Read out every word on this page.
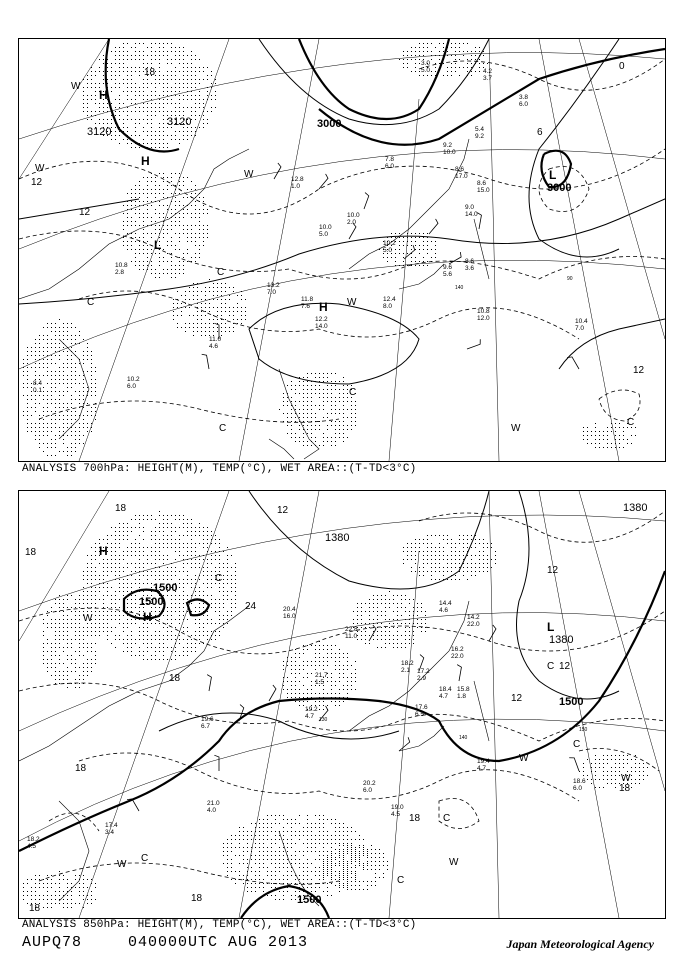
10.8
2.8
11.0
4.6
13.2
7.0
11.8
7.6
12.2
14.0
10.8
12.0	10.4
7.0
8.6
3.6
9.0
14.0
8.6
15.0
10.2
6.0
8.4
0.1
10.0
5.0
12.8
1.0
10.0
2.0
8.6
17.0
5.4
9.2
9.2
10.0
3.0
5.0	4.2
3.7
3.8
6.0
12.4
8.0
10.2
5.0
9.6
5.6
7.8
6.0
3000
3120
3120
3000
H
H
L
L
H
12
12
18
W
W
W
W
C
C
C
C	W
C
12
6
0
140
90
ANALYSIS 700hPa: HEIGHT(M), TEMP(°C), WET AREA::(T-TD<3°C)
18.2
4.5
17.4
3.4
19.6
6.7
21.0
4.0
20.2
6.0
19.0
4.5
18.6
6.0
19.4
4.7
15.8
1.8
16.2
22.0
14.2
22.0
14.4
4.6
17.2
2.9
20.4
16.0
18.2
2.1
22.8
11.0
21.7
1.5
19.2
4.7
17.6
6.5
18.4
4.7
1500
1500
1380
1380
1500
1380
1500
H
H
L
18
18
12
24
18
18
12
12
18
18
W
W
W
W
W
C
C
C
C
C
C
18
18
12
130
140
150
ANALYSIS 850hPa: HEIGHT(M), TEMP(°C), WET AREA::(T-TD<3°C)
AUPQ78	040000UTC AUG 2013	Japan Meteorological Agency
